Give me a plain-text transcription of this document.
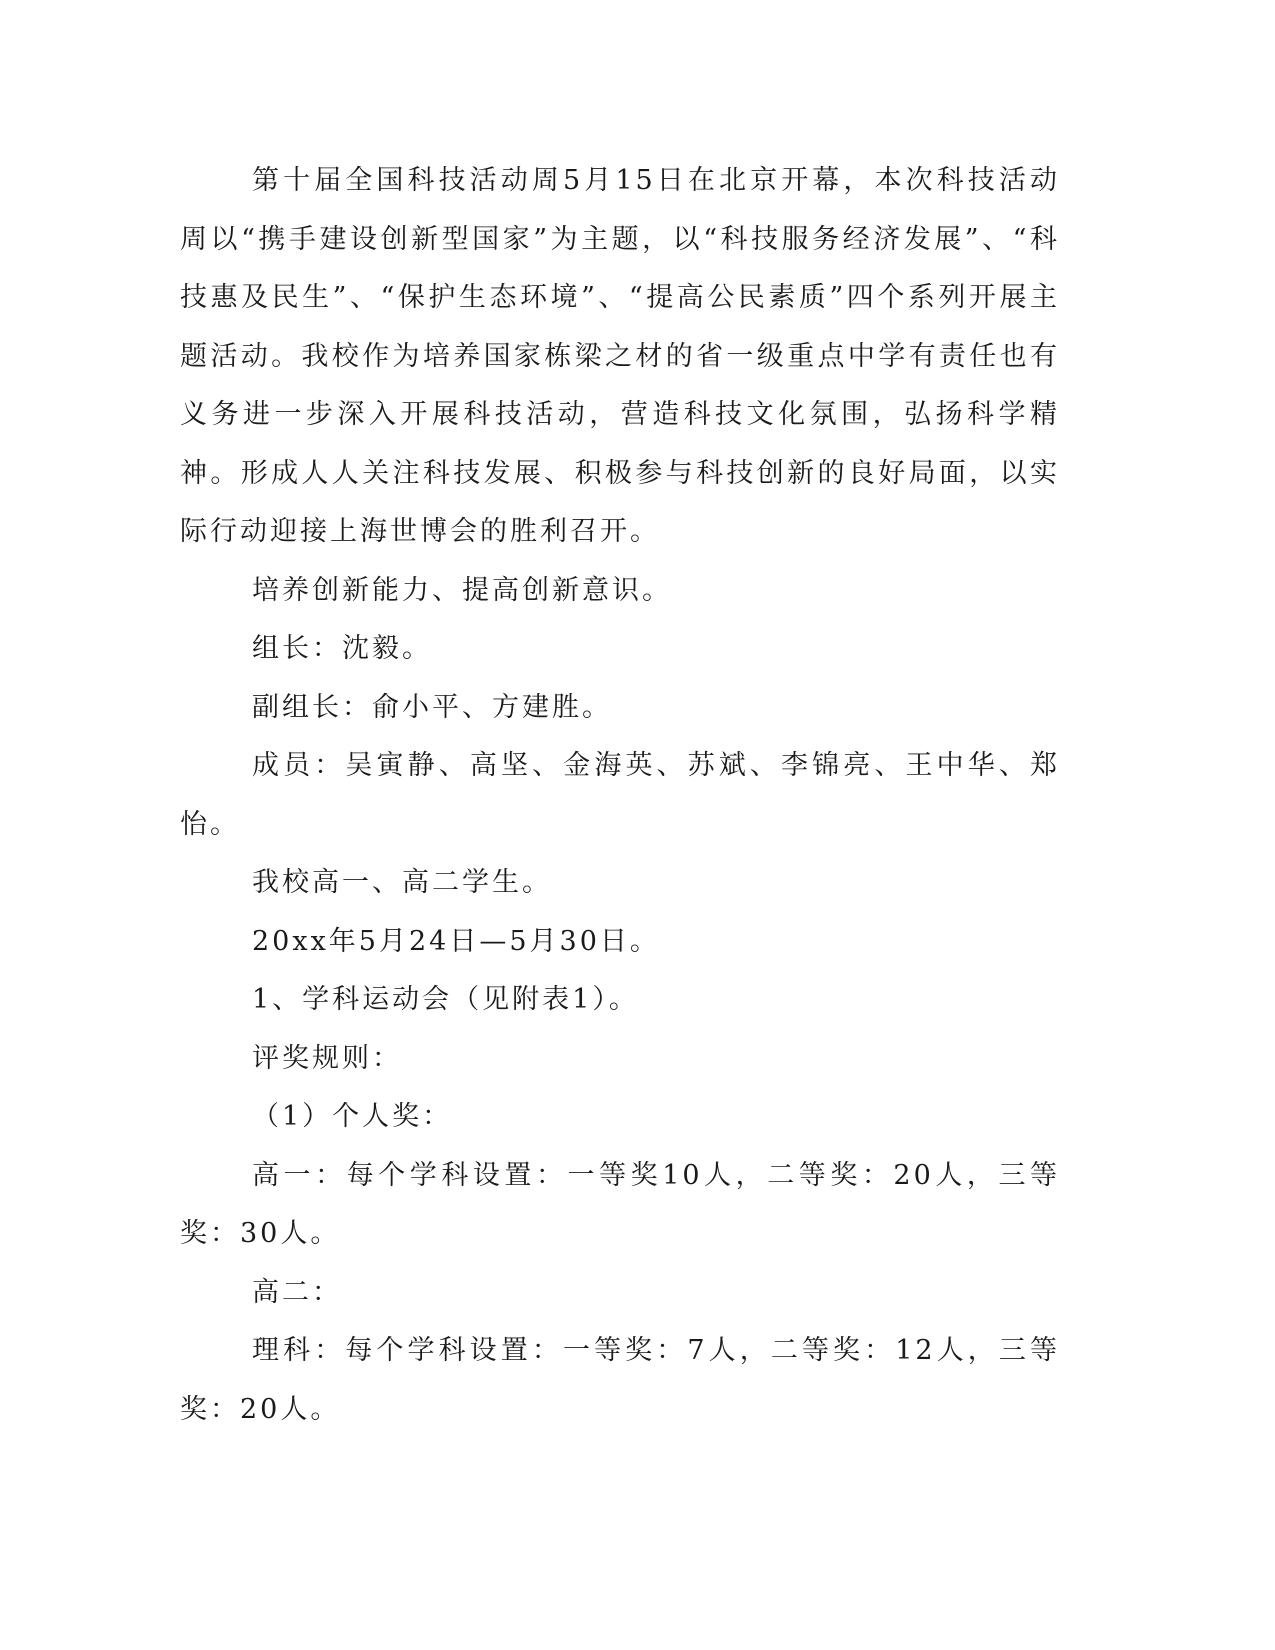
第十届全国科技活动周5月15日在北京开幕，本次科技活动周以“携手建设创新型国家”为主题，以“科技服务经济发展”、“科技惠及民生”、“保护生态环境”、“提高公民素质”四个系列开展主题活动。我校作为培养国家栋梁之材的省一级重点中学有责任也有义务进一步深入开展科技活动，营造科技文化氛围，弘扬科学精神。形成人人关注科技发展、积极参与科技创新的良好局面，以实际行动迎接上海世博会的胜利召开。

培养创新能力、提高创新意识。

组长：沈毅。

副组长：俞小平、方建胜。

成员：吴寅静、高坚、金海英、苏斌、李锦亮、王中华、郑怡。

我校高一、高二学生。

20xx年5月24日—5月30日。

1、学科运动会（见附表1）。

评奖规则：

（1）个人奖：

高一：每个学科设置：一等奖10人，二等奖：20人，三等奖：30人。

高二：

理科：每个学科设置：一等奖：7人，二等奖：12人，三等奖：20人。
